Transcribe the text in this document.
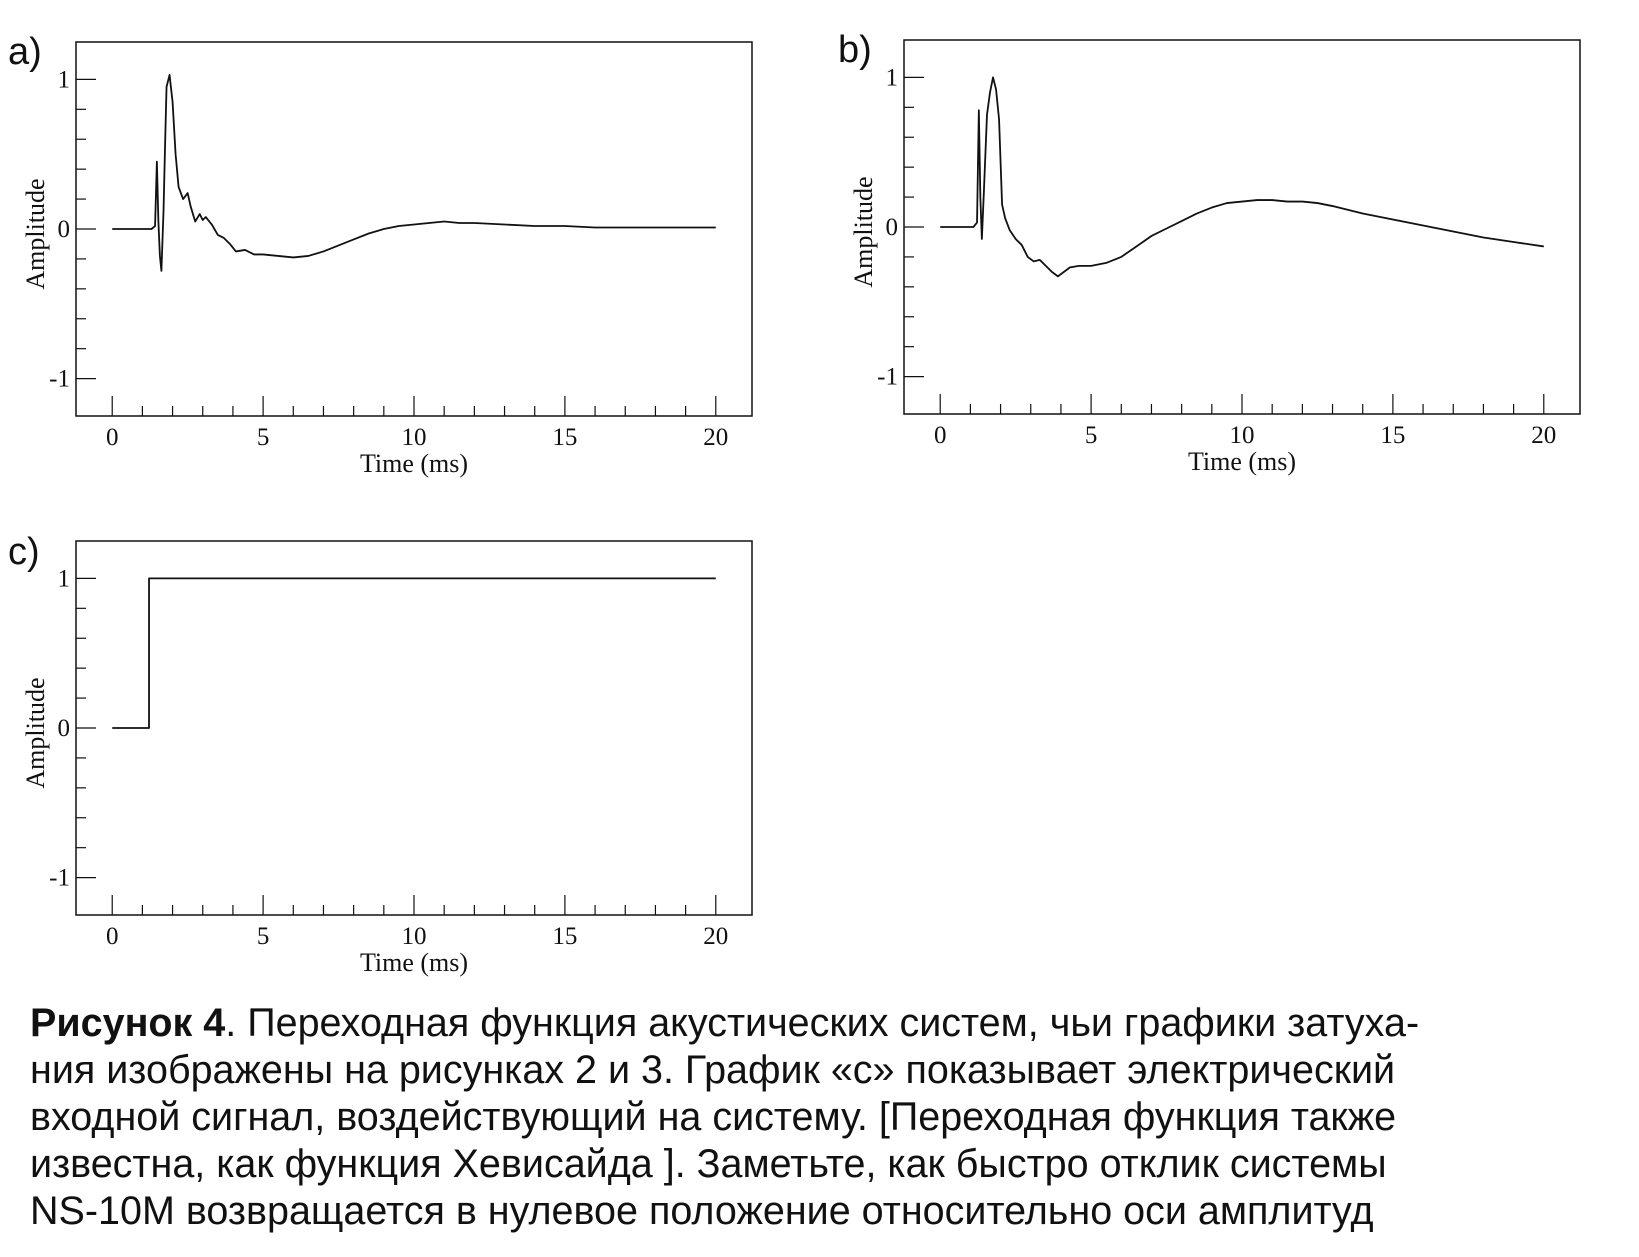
a)
0	5	10	15	20
-1
0
1
Time (ms)
Amplitude
b)
0	5	10	15	20
-1
0
1
Time (ms)
Amplitude
c)
0	5	10	15	20
-1
0
1
Time (ms)
Amplitude
Рисунок 4. Переходная функция акустических систем, чьи графики затуха-
ния изображены на рисунках 2 и 3. График «с» показывает электрический
входной сигнал, воздействующий на систему. [Переходная функция также
известна, как функция Хевисайда ]. Заметьте, как быстро отклик системы
NS-10M возвращается в нулевое положение относительно оси амплитуд
